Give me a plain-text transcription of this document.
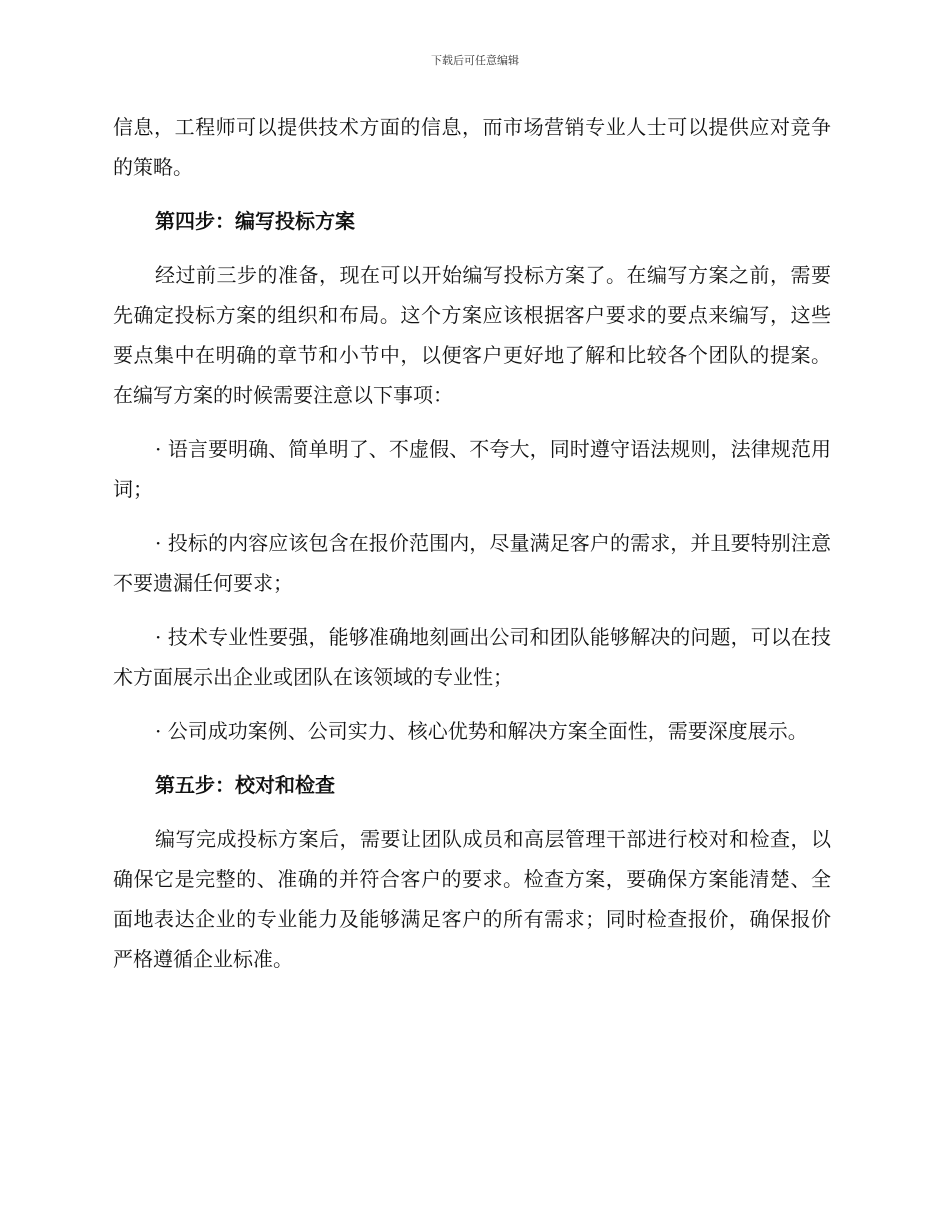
下载后可任意编辑

信息，工程师可以提供技术方面的信息，而市场营销专业人士可以提供应对竞争的策略。

第四步：编写投标方案

经过前三步的准备，现在可以开始编写投标方案了。在编写方案之前，需要先确定投标方案的组织和布局。这个方案应该根据客户要求的要点来编写，这些要点集中在明确的章节和小节中，以便客户更好地了解和比较各个团队的提案。在编写方案的时候需要注意以下事项：

· 语言要明确、简单明了、不虚假、不夸大，同时遵守语法规则，法律规范用词；

· 投标的内容应该包含在报价范围内，尽量满足客户的需求，并且要特别注意不要遗漏任何要求；

· 技术专业性要强，能够准确地刻画出公司和团队能够解决的问题，可以在技术方面展示出企业或团队在该领域的专业性；

· 公司成功案例、公司实力、核心优势和解决方案全面性，需要深度展示。

第五步：校对和检查

编写完成投标方案后，需要让团队成员和高层管理干部进行校对和检查，以确保它是完整的、准确的并符合客户的要求。检查方案，要确保方案能清楚、全面地表达企业的专业能力及能够满足客户的所有需求；同时检查报价，确保报价严格遵循企业标准。
